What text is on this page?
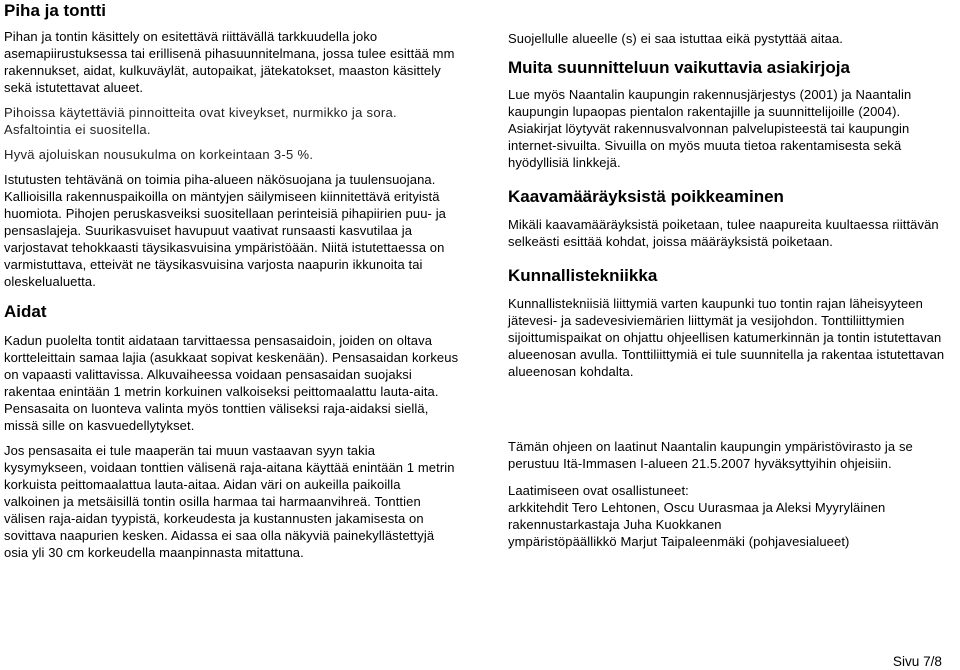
Piha ja tontti

Pihan ja tontin käsittely on esitettävä riittävällä tarkkuudella joko asemapiirustuksessa tai erillisenä pihasuunnitelmana, jossa tulee esittää mm rakennukset, aidat, kulkuväylät, autopaikat, jätekatokset, maaston käsittely sekä istutettavat alueet.

Pihoissa käytettäviä pinnoitteita ovat kiveykset, nurmikko ja sora. Asfaltointia ei suositella.

Hyvä ajoluiskan nousukulma on korkeintaan 3-5 %.

Istutusten tehtävänä on toimia piha-alueen näkösuojana ja tuulensuojana. Kallioisilla rakennuspaikoilla on mäntyjen säilymiseen kiinnitettävä erityistä huomiota. Pihojen peruskasveiksi suositellaan perinteisiä pihapiirien puu- ja pensaslajeja. Suurikasvuiset havupuut vaativat runsaasti kasvutilaa ja varjostavat tehokkaasti täysikasvuisina ympäristöään. Niitä istutettaessa on varmistuttava, etteivät ne täysikasvuisina varjosta naapurin ikkunoita tai oleskelualuetta.

Aidat

Kadun puolelta tontit aidataan tarvittaessa pensasaidoin, joiden on oltava kortteleittain samaa lajia (asukkaat sopivat keskenään). Pensasaidan korkeus on vapaasti valittavissa. Alkuvaiheessa voidaan pensasaidan suojaksi rakentaa enintään 1 metrin korkuinen valkoiseksi peittomaalattu lauta-aita. Pensasaita on luonteva valinta myös tonttien väliseksi raja-aidaksi siellä, missä sille on kasvuedellytykset.

Jos pensasaita ei tule maaperän tai muun vastaavan syyn takia kysymykseen, voidaan tonttien välisenä raja-aitana käyttää enintään 1 metrin korkuista peittomaalattua lauta-aitaa. Aidan väri on aukeilla paikoilla valkoinen ja metsäisillä tontin osilla harmaa tai harmaanvihreä. Tonttien välisen raja-aidan tyypistä, korkeudesta ja kustannusten jakamisesta on sovittava naapurien kesken. Aidassa ei saa olla näkyviä painekyllästettyjä osia yli 30 cm korkeudella maanpinnasta mitattuna.

Suojellulle alueelle (s) ei saa istuttaa eikä pystyttää aitaa.

Muita suunnitteluun vaikuttavia asiakirjoja

Lue myös Naantalin kaupungin rakennusjärjestys (2001) ja Naantalin kaupungin lupaopas pientalon rakentajille ja suunnittelijoille (2004). Asiakirjat löytyvät rakennusvalvonnan palvelupisteestä tai kaupungin internet-sivuilta. Sivuilla on myös muuta tietoa rakentamisesta sekä hyödyllisiä linkkejä.

Kaavamääräyksistä poikkeaminen

Mikäli kaavamääräyksistä poiketaan, tulee naapureita kuultaessa riittävän selkeästi esittää kohdat, joissa määräyksistä poiketaan.

Kunnallistekniikka

Kunnallistekniisiä liittymiä varten kaupunki tuo tontin rajan läheisyyteen jätevesi- ja sadevesiviemärien liittymät ja vesijohdon. Tonttiliittymien sijoittumispaikat on ohjattu ohjeellisen katumerkinnän ja tontin istutettavan alueenosan avulla. Tonttiliittymiä ei tule suunnitella ja rakentaa istutettavan alueenosan kohdalta.

Tämän ohjeen on laatinut Naantalin kaupungin ympäristövirasto ja se perustuu Itä-Immasen I-alueen 21.5.2007 hyväksyttyihin ohjeisiin.

Laatimiseen ovat osallistuneet:

arkkitehdit Tero Lehtonen, Oscu Uurasmaa ja Aleksi Myyryläinen

rakennustarkastaja Juha Kuokkanen

ympäristöpäällikkö Marjut Taipaleenmäki (pohjavesialueet)

Sivu 7/8
